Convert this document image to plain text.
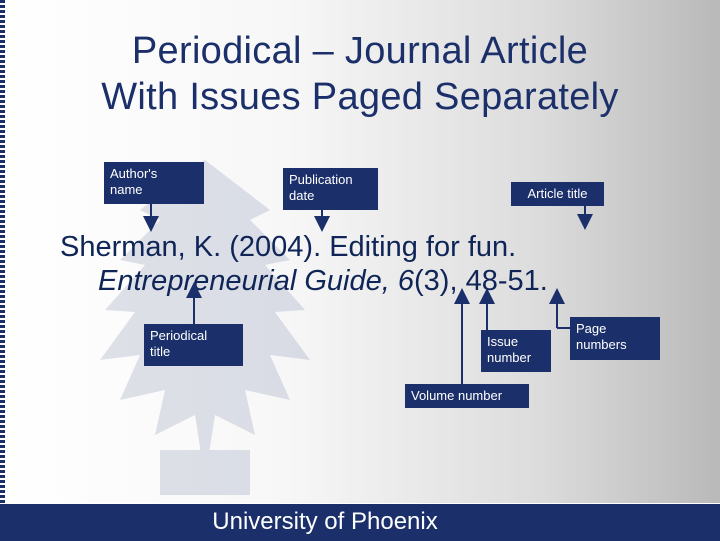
Periodical – Journal Article
With Issues Paged Separately
Author's
name
Publication
date	Article title
Sherman, K. (2004). Editing for fun.
Entrepreneurial Guide, 6(3), 48-51.
Periodical
title
Issue
number
Page
numbers
Volume number
University of Phoenix
